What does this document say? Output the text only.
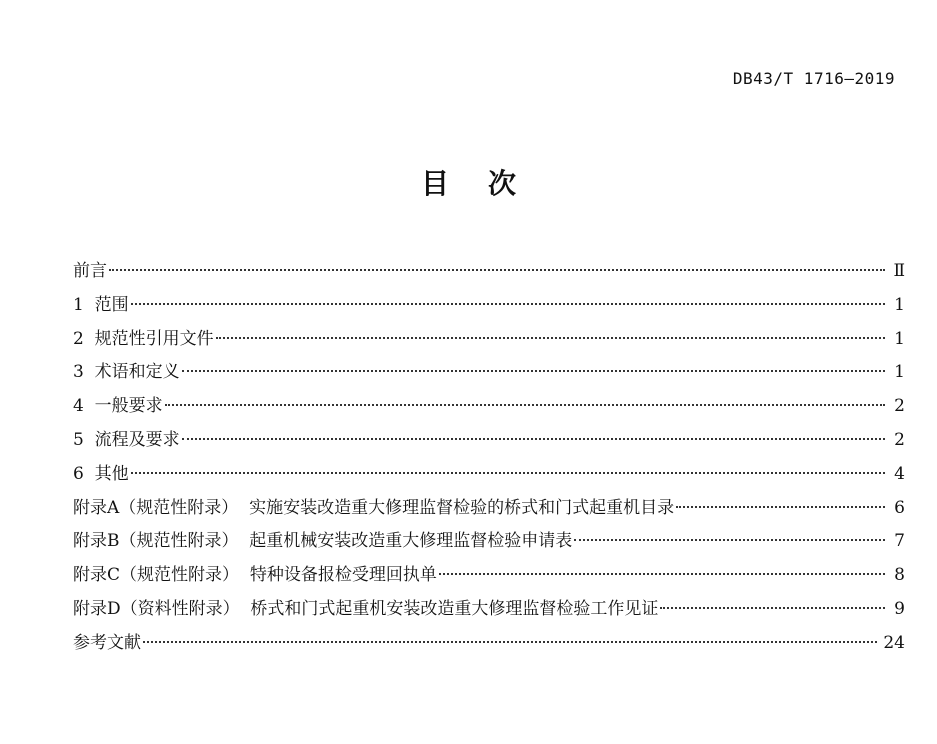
DB43/T 1716—2019
目    次
前言	Ⅱ
1  范围	1
2  规范性引用文件	1
3  术语和定义	1
4  一般要求	2
5  流程及要求	2
6  其他	4
附录A（规范性附录）  实施安装改造重大修理监督检验的桥式和门式起重机目录	6
附录B（规范性附录）  起重机械安装改造重大修理监督检验申请表	7
附录C（规范性附录）  特种设备报检受理回执单	8
附录D（资料性附录）  桥式和门式起重机安装改造重大修理监督检验工作见证	9
参考文献	24
